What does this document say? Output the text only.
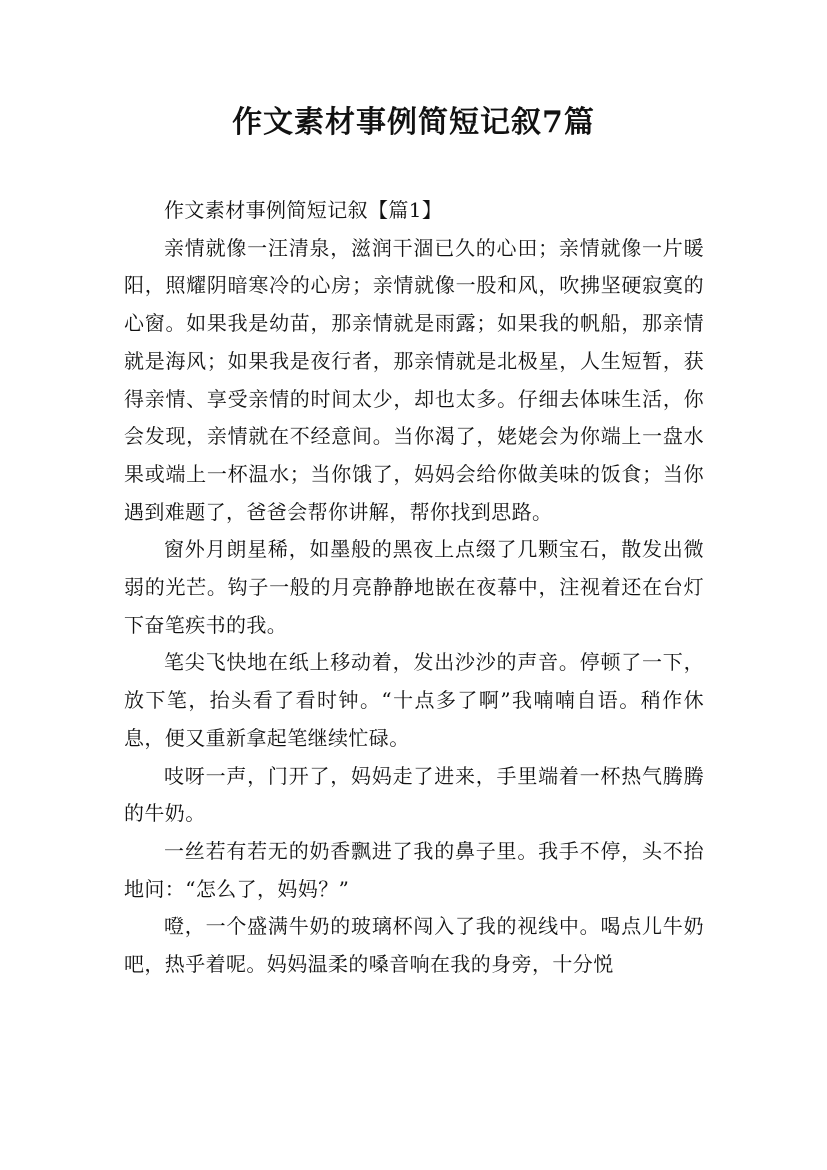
作文素材事例简短记叙7篇
作文素材事例简短记叙【篇1】

亲情就像一汪清泉，滋润干涸已久的心田；亲情就像一片暖阳，照耀阴暗寒冷的心房；亲情就像一股和风，吹拂坚硬寂寞的心窗。如果我是幼苗，那亲情就是雨露；如果我的帆船，那亲情就是海风；如果我是夜行者，那亲情就是北极星，人生短暂，获得亲情、享受亲情的时间太少，却也太多。仔细去体味生活，你会发现，亲情就在不经意间。当你渴了，姥姥会为你端上一盘水果或端上一杯温水；当你饿了，妈妈会给你做美味的饭食；当你遇到难题了，爸爸会帮你讲解，帮你找到思路。

窗外月朗星稀，如墨般的黑夜上点缀了几颗宝石，散发出微弱的光芒。钩子一般的月亮静静地嵌在夜幕中，注视着还在台灯下奋笔疾书的我。

笔尖飞快地在纸上移动着，发出沙沙的声音。停顿了一下，放下笔，抬头看了看时钟。“十点多了啊”我喃喃自语。稍作休息，便又重新拿起笔继续忙碌。

吱呀一声，门开了，妈妈走了进来，手里端着一杯热气腾腾的牛奶。

一丝若有若无的奶香飘进了我的鼻子里。我手不停，头不抬地问：“怎么了，妈妈？”

噔，一个盛满牛奶的玻璃杯闯入了我的视线中。喝点儿牛奶吧，热乎着呢。妈妈温柔的嗓音响在我的身旁，十分悦
